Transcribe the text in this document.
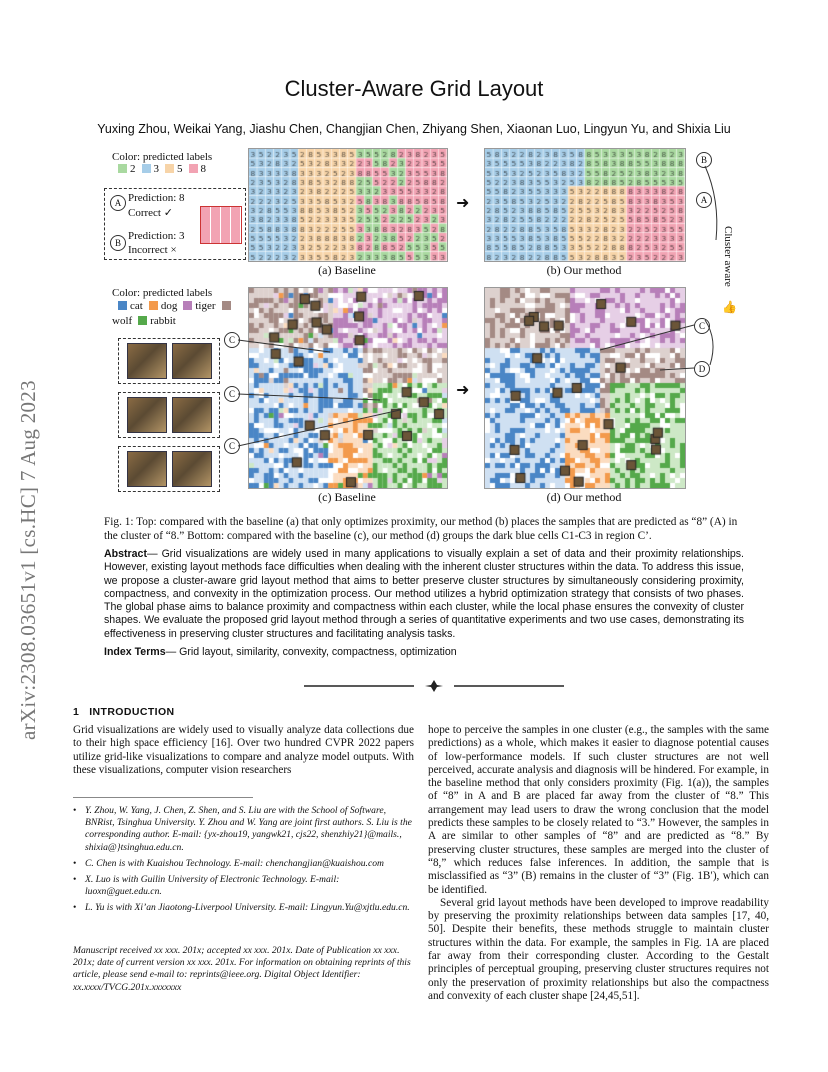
Cluster-Aware Grid Layout
Yuxing Zhou, Weikai Yang, Jiashu Chen, Changjian Chen, Zhiyang Shen, Xiaonan Luo, Lingyun Yu, and Shixia Liu
arXiv:2308.03651v1 [cs.HC] 7 Aug 2023
Color: predicted labels
2 3 5 8
A Prediction: 8
Correct ✓
B
Prediction: 3
Incorrect ×
➜
(a) Baseline	(b) Our method
B
A
Cluster aware
👍
Color: predicted labels
cat dog tigerwolf rabbit
C
C
C
➜
(c) Baseline	(d) Our method
C
D
Fig. 1: Top: compared with the baseline (a) that only optimizes proximity, our method (b) places the samples that are predicted as “8” (A) in the cluster of “8.” Bottom: compared with the baseline (c), our method (d) groups the dark blue cells C1-C3 in region C’.
Abstract— Grid visualizations are widely used in many applications to visually explain a set of data and their proximity relationships. However, existing layout methods face difficulties when dealing with the inherent cluster structures within the data. To address this issue, we propose a cluster-aware grid layout method that aims to better preserve cluster structures by simultaneously considering proximity, compactness, and convexity in the optimization process. Our method utilizes a hybrid optimization strategy that consists of two phases. The global phase aims to balance proximity and compactness within each cluster, while the local phase ensures the convexity of cluster shapes. We evaluate the proposed grid layout method through a series of quantitative experiments and two use cases, demonstrating its effectiveness in preserving cluster structures and facilitating analysis tasks.
Index Terms— Grid layout, similarity, convexity, compactness, optimization
1 INTRODUCTION
Grid visualizations are widely used to visually analyze data collections due to their high space efficiency [16]. Over two hundred CVPR 2022 papers utilize grid-like visualizations to compare and analyze model outputs. With these visualizations, computer vision researchers
• Y. Zhou, W. Yang, J. Chen, Z. Shen, and S. Liu are with the School of Software, BNRist, Tsinghua University. Y. Zhou and W. Yang are joint first authors. S. Liu is the corresponding author. E-mail: {yx-zhou19, yangwk21, cjs22, shenzhiy21}@mails., shixia@}tsinghua.edu.cn.
• C. Chen is with Kuaishou Technology. E-mail: chenchangjian@kuaishou.com
• X. Luo is with Guilin University of Electronic Technology. E-mail: luoxn@guet.edu.cn.
• L. Yu is with Xi’an Jiaotong-Liverpool University. E-mail: Lingyun.Yu@xjtlu.edu.cn.
Manuscript received xx xxx. 201x; accepted xx xxx. 201x. Date of Publication xx xxx. 201x; date of current version xx xxx. 201x. For information on obtaining reprints of this article, please send e-mail to: reprints@ieee.org. Digital Object Identifier: xx.xxxx/TVCG.201x.xxxxxxx
hope to perceive the samples in one cluster (e.g., the samples with the same predictions) as a whole, which makes it easier to diagnose potential causes of low-performance models. If such cluster structures are not well perceived, accurate analysis and diagnosis will be hindered. For example, in the baseline method that only considers proximity (Fig. 1(a)), the samples of “8” in A and B are placed far away from the cluster of “8.” This arrangement may lead users to draw the wrong conclusion that the model predicts these samples to be closely related to “3.” However, the samples in A are similar to other samples of “8” and are predicted as “8.” By preserving cluster structures, these samples are merged into the cluster of “8,” which reduces false inferences. In addition, the sample that is misclassified as “3” (B) remains in the cluster of “3” (Fig. 1B′), which can be identified.
Several grid layout methods have been developed to improve readability by preserving the proximity relationships between data samples [17, 40, 50]. Despite their benefits, these methods struggle to maintain cluster structures within the data. For example, the samples in Fig. 1A are placed far away from their corresponding cluster. According to the Gestalt principles of perceptual grouping, preserving cluster structures requires not only the preservation of proximity relationships but also the compactness and convexity of each cluster shape [24,45,51].
